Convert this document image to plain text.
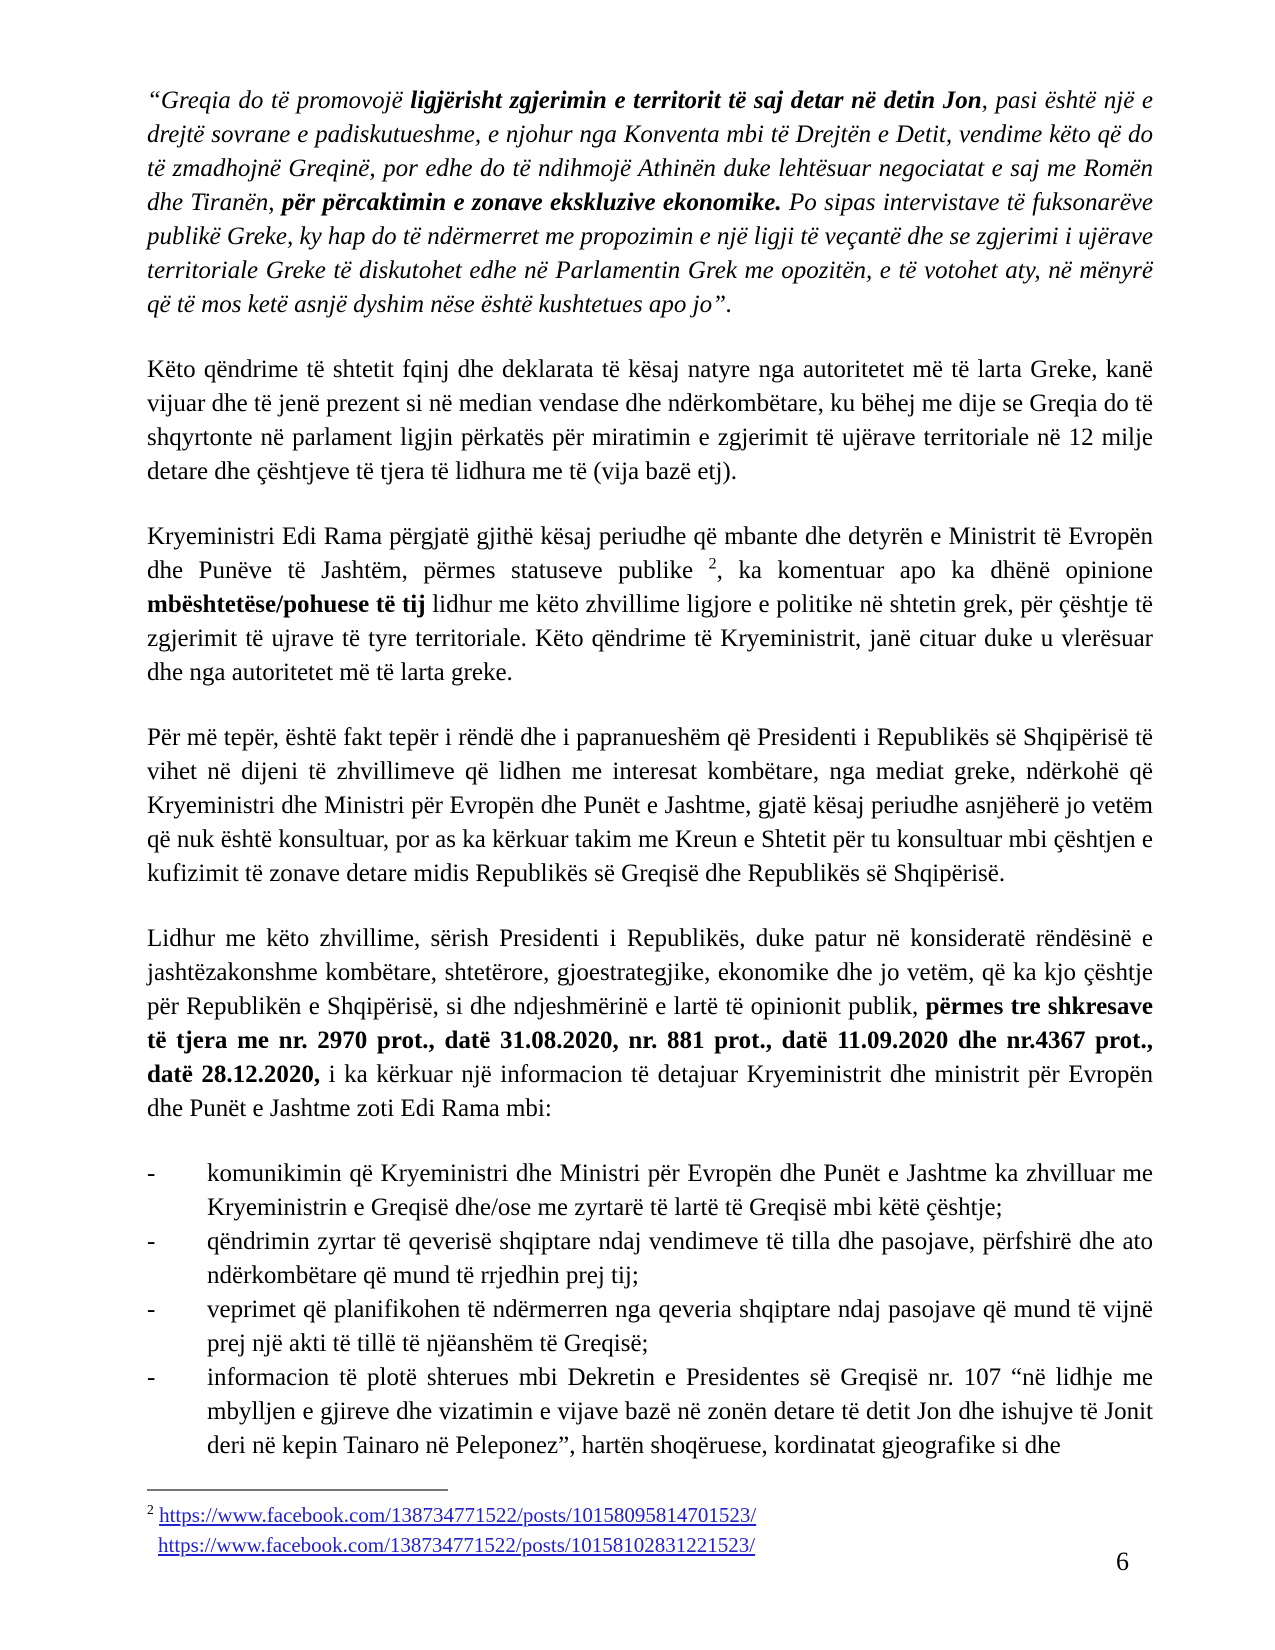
“Greqia do të promovojë ligjërisht zgjerimin e territorit të saj detar në detin Jon, pasi është një e drejtë sovrane e padiskutueshme, e njohur nga Konventa mbi të Drejtën e Detit, vendime këto që do të zmadhojnë Greqinë, por edhe do të ndihmojë Athinën duke lehtësuar negociatat e saj me Romën dhe Tiranën, për përcaktimin e zonave ekskluzive ekonomike. Po sipas intervistave të fuksonarëve publikë Greke, ky hap do të ndërmerret me propozimin e një ligji të veçantë dhe se zgjerimi i ujërave territoriale Greke të diskutohet edhe në Parlamentin Grek me opozitën, e të votohet aty, në mënyrë që të mos ketë asnjë dyshim nëse është kushtetues apo jo”.

Këto qëndrime të shtetit fqinj dhe deklarata të kësaj natyre nga autoritetet më të larta Greke, kanë vijuar dhe të jenë prezent si në median vendase dhe ndërkombëtare, ku bëhej me dije se Greqia do të shqyrtonte në parlament ligjin përkatës për miratimin e zgjerimit të ujërave territoriale në 12 milje detare dhe çështjeve të tjera të lidhura me të (vija bazë etj).

Kryeministri Edi Rama përgjatë gjithë kësaj periudhe që mbante dhe detyrën e Ministrit të Evropën dhe Punëve të Jashtëm, përmes statuseve publike $^2$, ka komentuar apo ka dhënë opinione mbështetëse/pohuese të tij lidhur me këto zhvillime ligjore e politike në shtetin grek, për çështje të zgjerimit të ujrave të tyre territoriale. Këto qëndrime të Kryeministrit, janë cituar duke u vlerësuar dhe nga autoritetet më të larta greke.

Për më tepër, është fakt tepër i rëndë dhe i papranueshëm që Presidenti i Republikës së Shqipërisë të vihet në dijeni të zhvillimeve që lidhen me interesat kombëtare, nga mediat greke, ndërkohë që Kryeministri dhe Ministri për Evropën dhe Punët e Jashtme, gjatë kësaj periudhe asnjëherë jo vetëm që nuk është konsultuar, por as ka kërkuar takim me Kreun e Shtetit për tu konsultuar mbi çështjen e kufizimit të zonave detare midis Republikës së Greqisë dhe Republikës së Shqipërisë.

Lidhur me këto zhvillime, sërish Presidenti i Republikës, duke patur në konsideratë rëndësinë e jashtëzakonshme kombëtare, shtetërore, gjoestrategjike, ekonomike dhe jo vetëm, që ka kjo çështje për Republikën e Shqipërisë, si dhe ndjeshmërinë e lartë të opinionit publik, përmes tre shkresave të tjera me nr. 2970 prot., datë 31.08.2020, nr. 881 prot., datë 11.09.2020 dhe nr.4367 prot., datë 28.12.2020, i ka kërkuar një informacion të detajuar Kryeministrit dhe ministrit për Evropën dhe Punët e Jashtme zoti Edi Rama mbi:

-	komunikimin që Kryeministri dhe Ministri për Evropën dhe Punët e Jashtme ka zhvilluar me Kryeministrin e Greqisë dhe/ose me zyrtarë të lartë të Greqisë mbi këtë çështje;
-	qëndrimin zyrtar të qeverisë shqiptare ndaj vendimeve të tilla dhe pasojave, përfshirë dhe ato ndërkombëtare që mund të rrjedhin prej tij;
-	veprimet që planifikohen të ndërmerren nga qeveria shqiptare ndaj pasojave që mund të vijnë prej një akti të tillë të njëanshëm të Greqisë;
-	informacion të plotë shterues mbi Dekretin e Presidentes së Greqisë nr. 107 “në lidhje me mbylljen e gjireve dhe vizatimin e vijave bazë në zonën detare të detit Jon dhe ishujve të Jonit deri në kepin Tainaro në Peleponez”, hartën shoqëruese, kordinatat gjeografike si dhe
$^2$ https://www.facebook.com/138734771522/posts/10158095814701523/
https://www.facebook.com/138734771522/posts/10158102831221523/
6
